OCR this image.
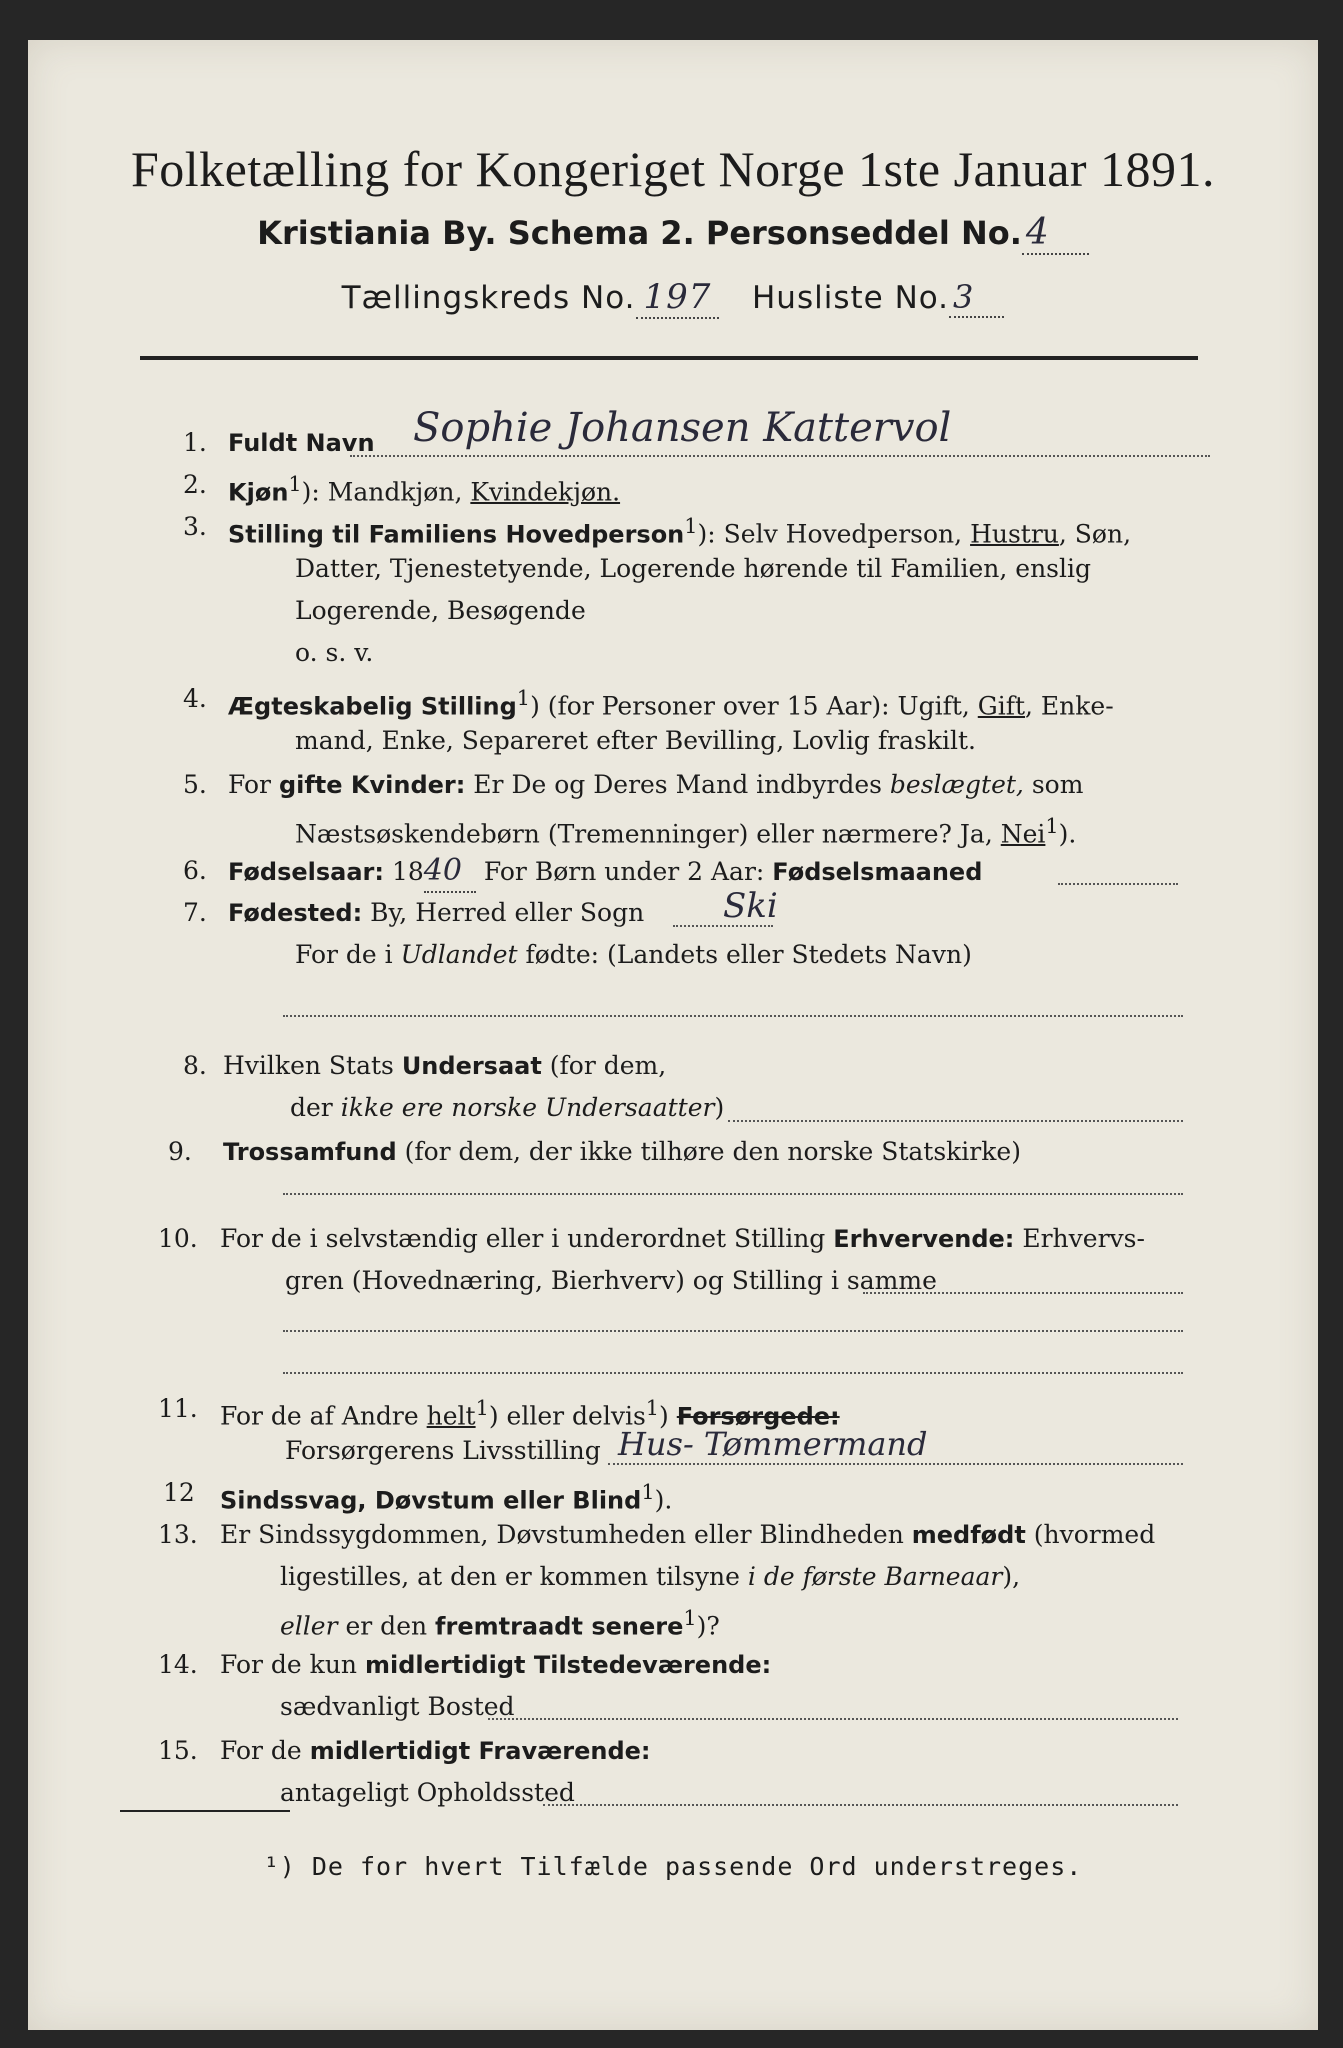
Folketælling for Kongeriget Norge 1ste Januar 1891.
Kristiania By. Schema 2. Personseddel No. 4
Tællingskreds No. 197 Husliste No. 3
1. Fuldt Navn Sophie Johansen Kattervol
2. Kjøn$^1$): Mandkjøn, Kvindekjøn.
3. Stilling til Familiens Hovedperson$^1$): Selv Hovedperson, Hustru, Søn,
Datter, Tjenestetyende, Logerende hørende til Familien, enslig
Logerende, Besøgende
o. s. v.
4. Ægteskabelig Stilling$^1$) (for Personer over 15 Aar): Ugift, Gift, Enke-
mand, Enke, Separeret efter Bevilling, Lovlig fraskilt.
5. For gifte Kvinder: Er De og Deres Mand indbyrdes beslægtet, som
Næstsøskendebørn (Tremenninger) eller nærmere? Ja, Nei$^1$).
6. Fødselsaar: 1840 For Børn under 2 Aar: Fødselsmaaned
7. Fødested: By, Herred eller Sogn Ski
For de i Udlandet fødte: (Landets eller Stedets Navn)
8. Hvilken Stats Undersaat (for dem,
der ikke ere norske Undersaatter)
9.	Trossamfund (for dem, der ikke tilhøre den norske Statskirke)
10. For de i selvstændig eller i underordnet Stilling Erhvervende: Erhvervs-
gren (Hovednæring, Bierhverv) og Stilling i samme
11. For de af Andre helt$^1$) eller delvis$^1$) Forsørgede:
Forsørgerens Livsstilling Hus- Tømmermand
12	Sindssvag, Døvstum eller Blind$^1$).
13. Er Sindssygdommen, Døvstumheden eller Blindheden medfødt (hvormed
ligestilles, at den er kommen tilsyne i de første Barneaar),
eller er den fremtraadt senere$^1$)?
14. For de kun midlertidigt Tilstedeværende:
sædvanligt Bosted
15. For de midlertidigt Fraværende:
antageligt Opholdssted
¹) De for hvert Tilfælde passende Ord understreges.
